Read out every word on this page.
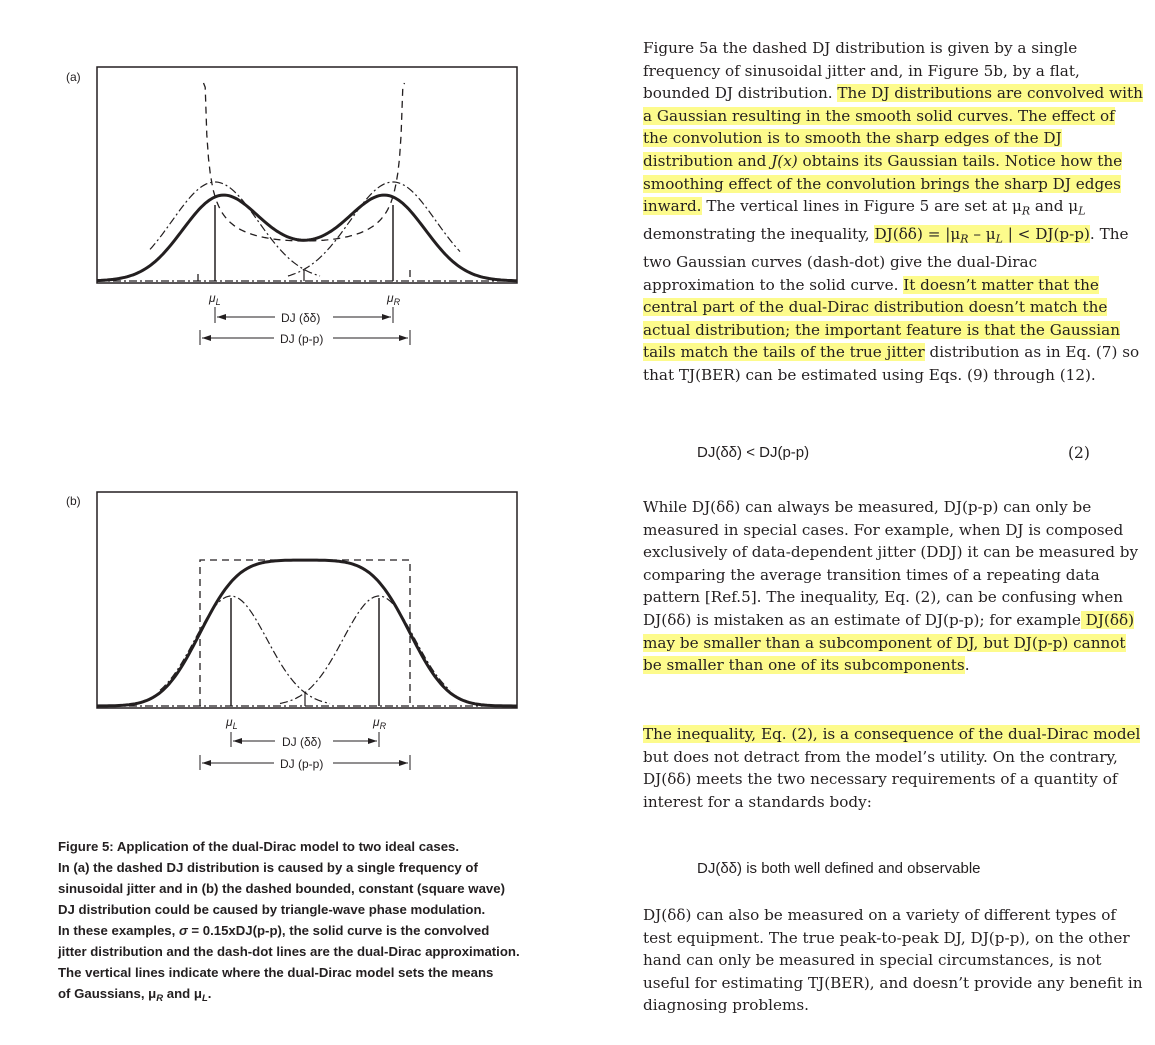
(a)
(b)
$\mu_L$	$\mu_R$
DJ (δδ)
DJ (p-p)
$\mu_L$	$\mu_R$
DJ (δδ)
DJ (p-p)

Figure 5: Application of the dual-Dirac model to two ideal cases.

In (a) the dashed DJ distribution is caused by a single frequency of

sinusoidal jitter and in (b) the dashed bounded, constant (square wave)

DJ distribution could be caused by triangle-wave phase modulation.

In these examples, σ = 0.15xDJ(p-p), the solid curve is the convolved

jitter distribution and the dash-dot lines are the dual-Dirac approximation.

The vertical lines indicate where the dual-Dirac model sets the means

of Gaussians, $\mu_R$ and $\mu_L$.

Figure 5a the dashed DJ distribution is given by a single frequency of sinusoidal jitter and, in Figure 5b, by a flat, bounded DJ distribution. The DJ distributions are convolved with a Gaussian resulting in the smooth solid curves. The effect of the convolution is to smooth the sharp edges of the DJ distribution and J(x) obtains its Gaussian tails. Notice how the smoothing effect of the convolution brings the sharp DJ edges inward. The vertical lines in Figure 5 are set at $\mu_R$ and $\mu_L$ demonstrating the inequality, $DJ(\delta\delta) = |\mu_R - \mu_L$ | < DJ(p-p). The two Gaussian curves (dash-dot) give the dual-Dirac approximation to the solid curve. It doesn’t matter that the central part of the dual-Dirac distribution doesn’t match the actual distribution; the important feature is that the Gaussian tails match the tails of the true jitter distribution as in Eq. (7) so that TJ(BER) can be estimated using Eqs. (9) through (12).

DJ(δδ) < DJ(p-p)	(2)

While DJ(δδ) can always be measured, DJ(p-p) can only be measured in special cases. For example, when DJ is composed exclusively of data-dependent jitter (DDJ) it can be measured by comparing the average transition times of a repeating data pattern [Ref.5]. The inequality, Eq. (2), can be confusing when DJ(δδ) is mistaken as an estimate of DJ(p-p); for example DJ(δδ) may be smaller than a subcomponent of DJ, but DJ(p-p) cannot be smaller than one of its subcomponents.

The inequality, Eq. (2), is a consequence of the dual-Dirac model but does not detract from the model’s utility. On the contrary, DJ(δδ) meets the two necessary requirements of a quantity of interest for a standards body:

DJ(δδ) is both well defined and observable

DJ(δδ) can also be measured on a variety of different types of test equipment. The true peak-to-peak DJ, DJ(p-p), on the other hand can only be measured in special circumstances, is not useful for estimating TJ(BER), and doesn’t provide any benefit in diagnosing problems.
